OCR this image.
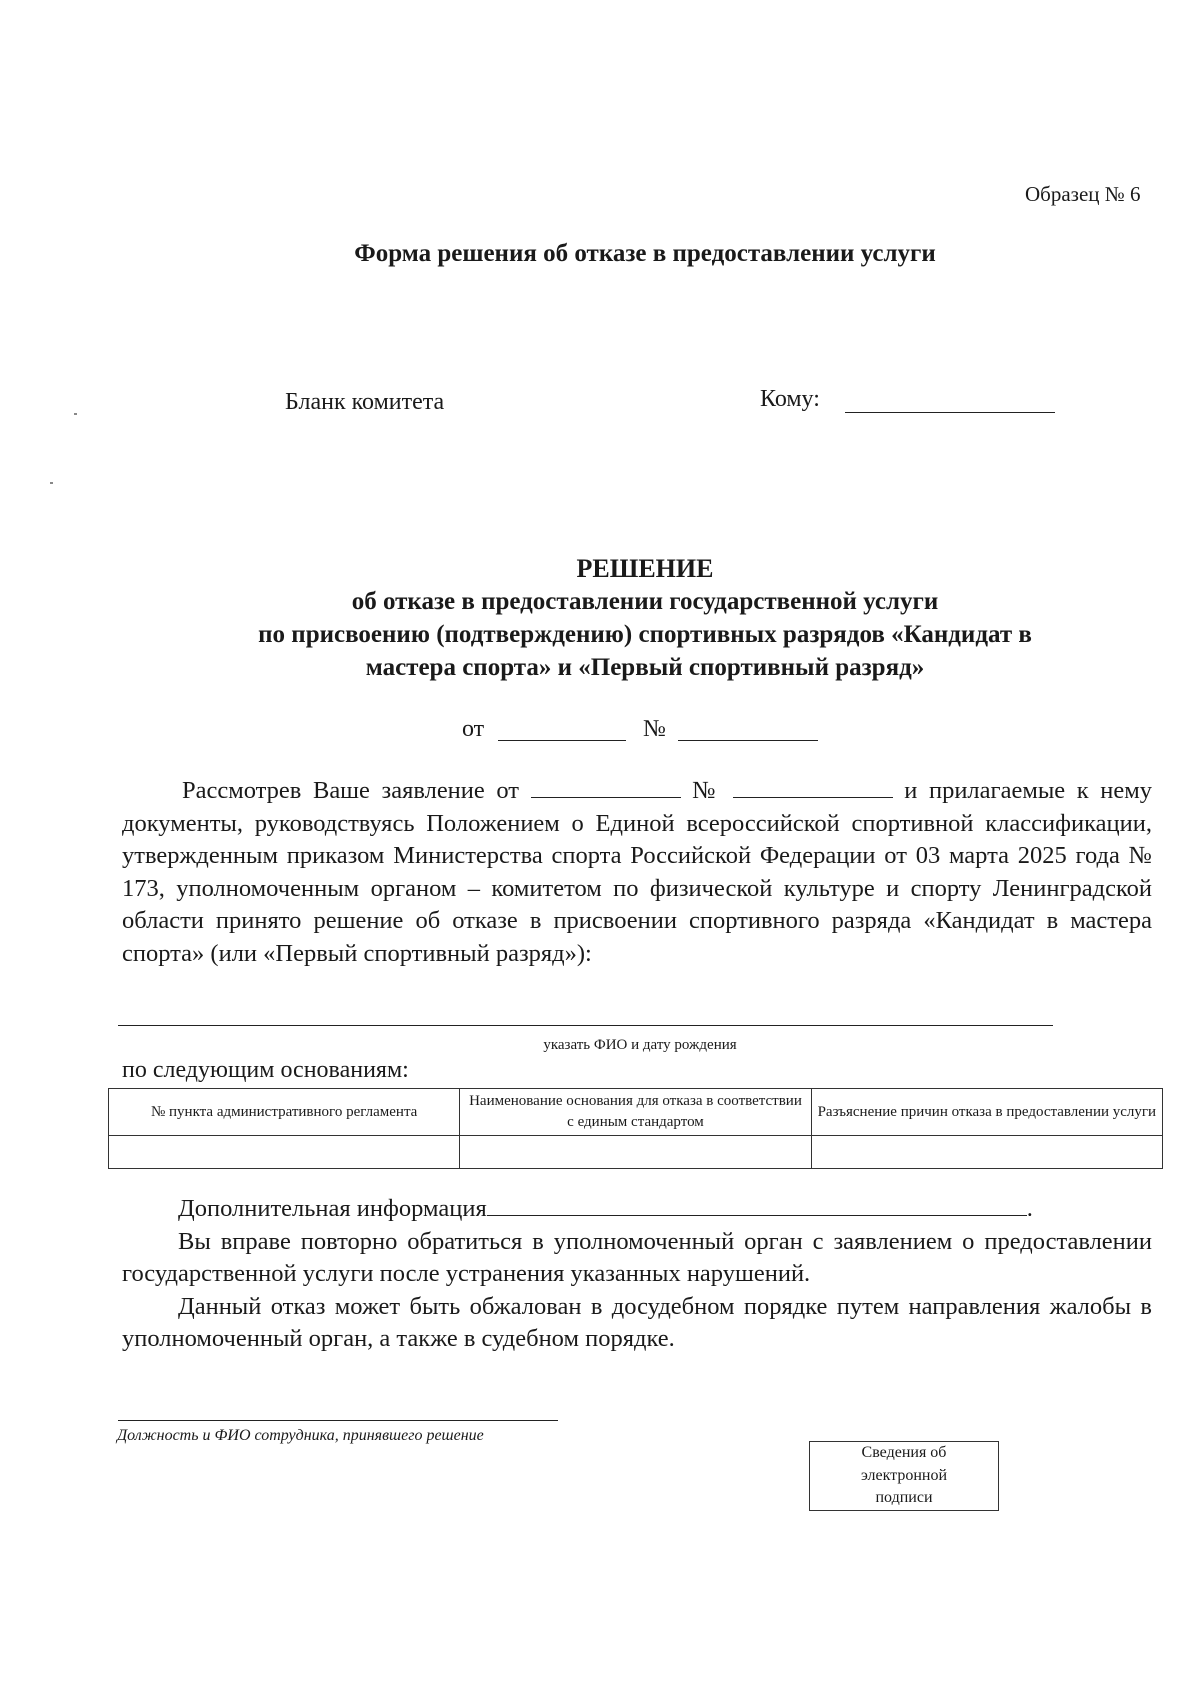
Образец № 6
Форма решения об отказе в предоставлении услуги
Бланк комитета	Кому:
РЕШЕНИЕ
об отказе в предоставлении государственной услуги
по присвоению (подтверждению) спортивных разрядов «Кандидат в
мастера спорта» и «Первый спортивный разряд»
от	№
Рассмотрев Ваше заявление от	№	и прилагаемые к нему документы, руководствуясь Положением о Единой всероссийской спортивной классификации, утвержденным приказом Министерства спорта Российской Федерации от 03 марта 2025 года № 173, уполномоченным органом – комитетом по физической культуре и спорту Ленинградской области принято решение об отказе в присвоении спортивного разряда «Кандидат в мастера спорта» (или «Первый спортивный разряд»):
указать ФИО и дату рождения
по следующим основаниям:
№ пункта административного регламента	Наименование основания для отказа в соответствии с единым стандартом	Разъяснение причин отказа в предоставлении услуги

Дополнительная информация	.

Вы вправе повторно обратиться в уполномоченный орган с заявлением о предоставлении государственной услуги после устранения указанных нарушений.

Данный отказ может быть обжалован в досудебном порядке путем направления жалобы в уполномоченный орган, а также в судебном порядке.

Должность и ФИО сотрудника, принявшего решение
Сведения об
электронной
подписи
